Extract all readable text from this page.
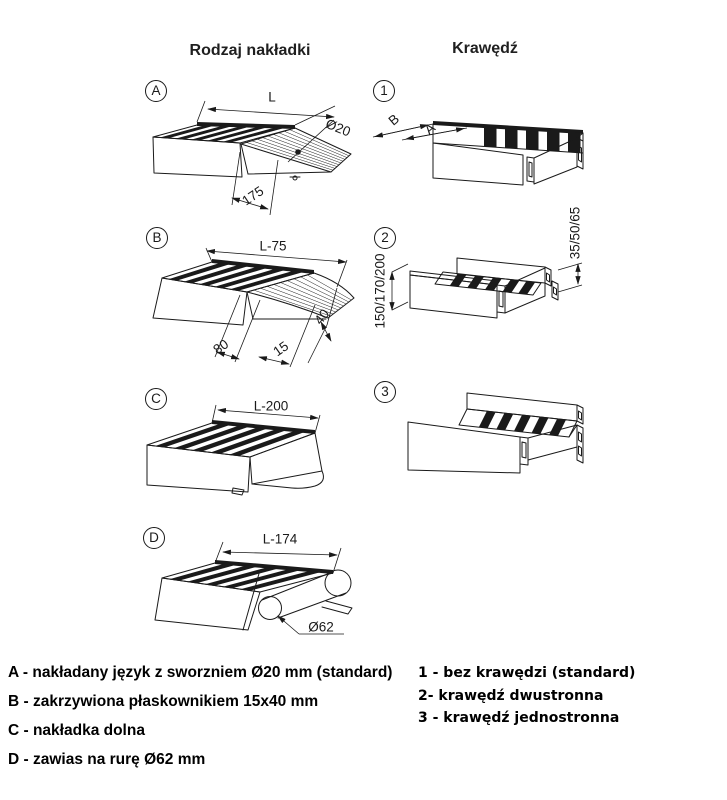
Rodzaj nakładki	Krawędź
A	1
B	2
C	3
D
L
Ø20
175
B
A
L-75
80	15
40	150/170/200
35/50/65
L-200
L-174
Ø62
A - nakładany język z sworzniem Ø20 mm (standard)
B - zakrzywiona płaskownikiem 15x40 mm
C - nakładka dolna
D - zawias na rurę Ø62 mm
1 - bez krawędzi (standard)
2- krawędź dwustronna
3 - krawędź jednostronna
